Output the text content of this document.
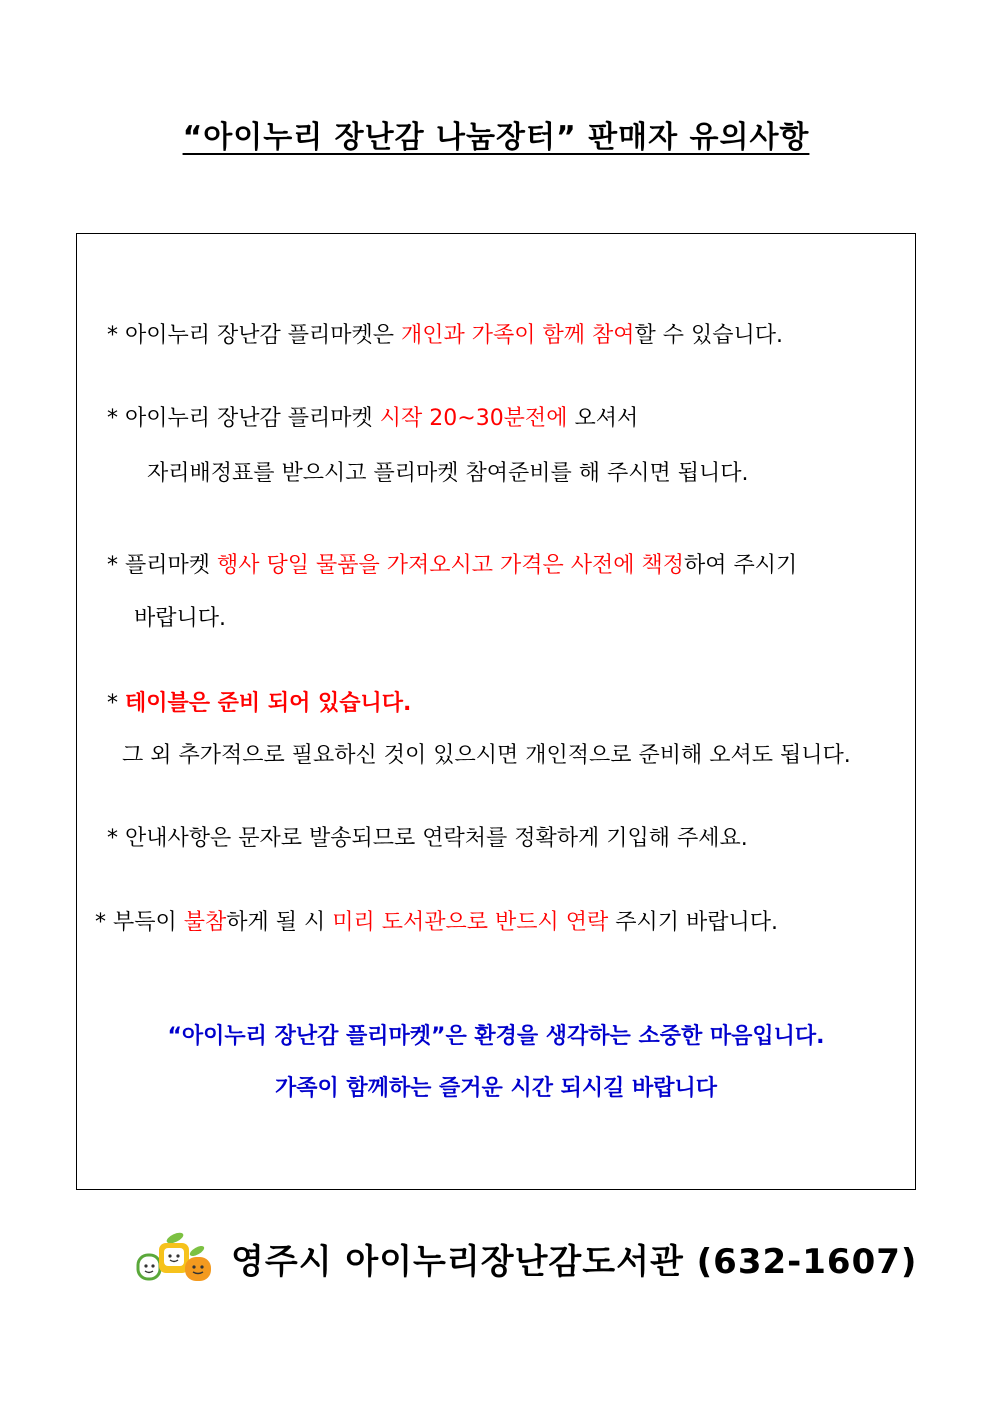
“아이누리 장난감 나눔장터” 판매자 유의사항
* 아이누리 장난감 플리마켓은 개인과 가족이 함께 참여할 수 있습니다.
* 아이누리 장난감 플리마켓 시작 20~30분전에 오셔서
자리배정표를 받으시고 플리마켓 참여준비를 해 주시면 됩니다.
* 플리마켓 행사 당일 물품을 가져오시고 가격은 사전에 책정하여 주시기
바랍니다.
* 테이블은 준비 되어 있습니다.
그 외 추가적으로 필요하신 것이 있으시면 개인적으로 준비해 오셔도 됩니다.
* 안내사항은 문자로 발송되므로 연락처를 정확하게 기입해 주세요.
* 부득이 불참하게 될 시 미리 도서관으로 반드시 연락 주시기 바랍니다.
“아이누리 장난감 플리마켓”은 환경을 생각하는 소중한 마음입니다.
가족이 함께하는 즐거운 시간 되시길 바랍니다
영주시 아이누리장난감도서관 (632-1607)
